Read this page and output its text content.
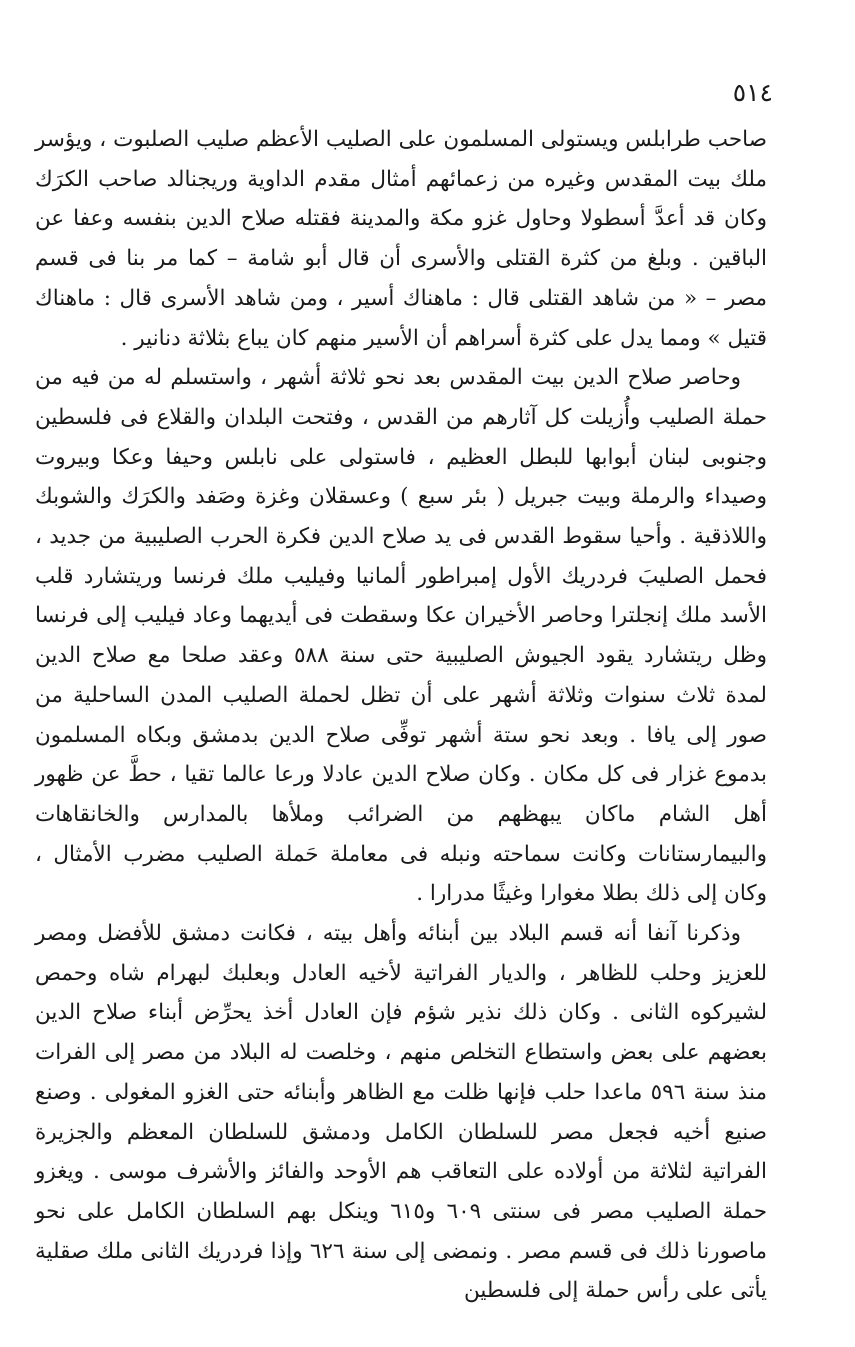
٥١٤

صاحب طرابلس ويستولى المسلمون على الصليب الأعظم صليب الصلبوت ، ويؤسر ملك بيت المقدس وغيره من زعمائهم أمثال مقدم الداوية وريجنالد صاحب الكرَك وكان قد أعدَّ أسطولا وحاول غزو مكة والمدينة فقتله صلاح الدين بنفسه وعفا عن الباقين . وبلغ من كثرة القتلى والأسرى أن قال أبو شامة – كما مر بنا فى قسم مصر – « من شاهد القتلى قال : ماهناك أسير ، ومن شاهد الأسرى قال : ماهناك قتيل » ومما يدل على كثرة أسراهم أن الأسير منهم كان يباع بثلاثة دنانير .

وحاصر صلاح الدين بيت المقدس بعد نحو ثلاثة أشهر ، واستسلم له من فيه من حملة الصليب وأُزيلت كل آثارهم من القدس ، وفتحت البلدان والقلاع فى فلسطين وجنوبى لبنان أبوابها للبطل العظيم ، فاستولى على نابلس وحيفا وعكا وبيروت وصيداء والرملة وبيت جبريل ( بئر سبع ) وعسقلان وغزة وصَفد والكرَك والشوبك واللاذقية . وأحيا سقوط القدس فى يد صلاح الدين فكرة الحرب الصليبية من جديد ، فحمل الصليبَ فردريك الأول إمبراطور ألمانيا وفيليب ملك فرنسا وريتشارد قلب الأسد ملك إنجلترا وحاصر الأخيران عكا وسقطت فى أيديهما وعاد فيليب إلى فرنسا وظل ريتشارد يقود الجيوش الصليبية حتى سنة ٥٨٨ وعقد صلحا مع صلاح الدين لمدة ثلاث سنوات وثلاثة أشهر على أن تظل لحملة الصليب المدن الساحلية من صور إلى يافا . وبعد نحو ستة أشهر توفِّى صلاح الدين بدمشق وبكاه المسلمون بدموع غزار فى كل مكان . وكان صلاح الدين عادلا ورعا عالما تقيا ، حطَّ عن ظهور أهل الشام ماكان يبهظهم من الضرائب وملأها بالمدارس والخانقاهات والبيمارستانات وكانت سماحته ونبله فى معاملة حَملة الصليب مضرب الأمثال ، وكان إلى ذلك بطلا مغوارا وغيثًا مدرارا .

وذكرنا آنفا أنه قسم البلاد بين أبنائه وأهل بيته ، فكانت دمشق للأفضل ومصر للعزيز وحلب للظاهر ، والديار الفراتية لأخيه العادل وبعلبك لبهرام شاه وحمص لشيركوه الثانى . وكان ذلك نذير شؤم فإن العادل أخذ يحرِّض أبناء صلاح الدين بعضهم على بعض واستطاع التخلص منهم ، وخلصت له البلاد من مصر إلى الفرات منذ سنة ٥٩٦ ماعدا حلب فإنها ظلت مع الظاهر وأبنائه حتى الغزو المغولى . وصنع صنيع أخيه فجعل مصر للسلطان الكامل ودمشق للسلطان المعظم والجزيرة الفراتية لثلاثة من أولاده على التعاقب هم الأوحد والفائز والأشرف موسى . ويغزو حملة الصليب مصر فى سنتى ٦٠٩ و٦١٥ وينكل بهم السلطان الكامل على نحو ماصورنا ذلك فى قسم مصر . ونمضى إلى سنة ٦٢٦ وإذا فردريك الثانى ملك صقلية يأتى على رأس حملة إلى فلسطين
